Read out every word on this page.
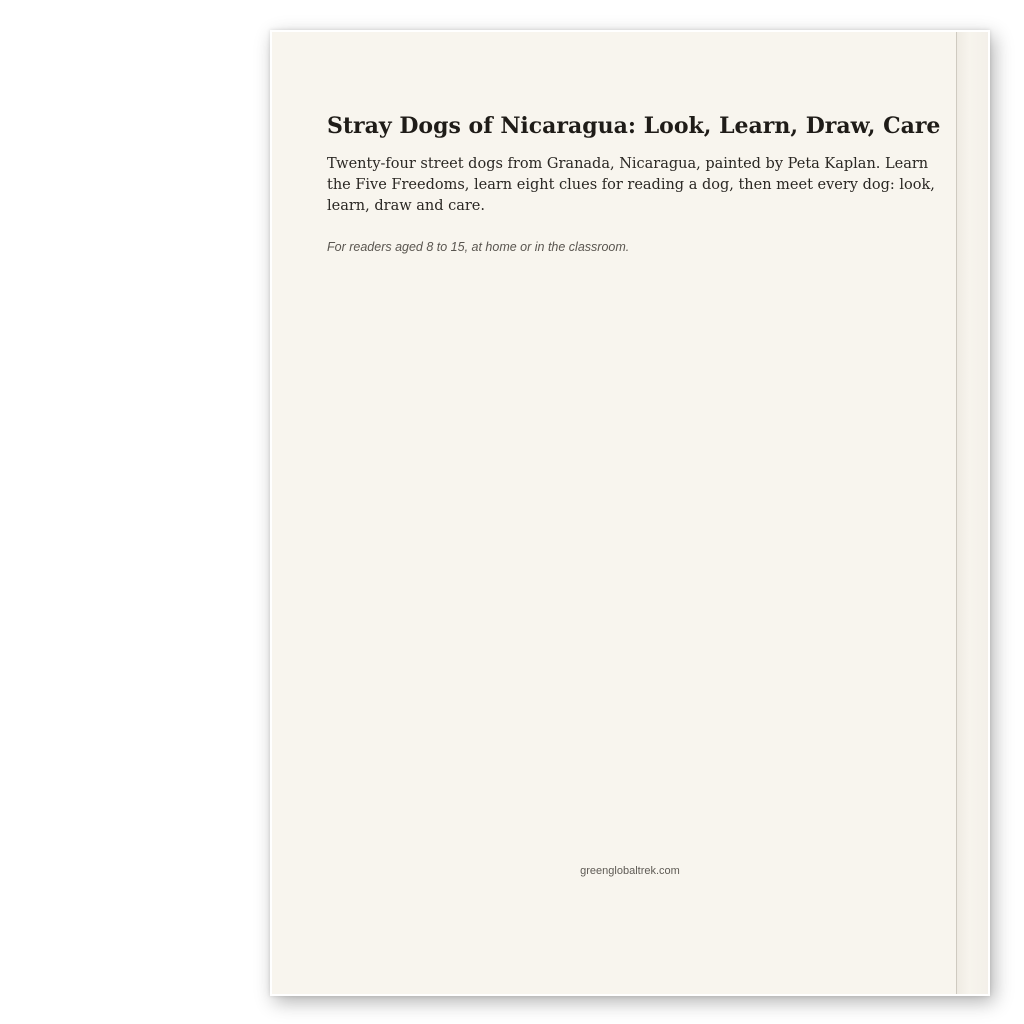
Stray Dogs of Nicaragua: Look, Learn, Draw, Care

Twenty-four street dogs from Granada, Nicaragua, painted by Peta Kaplan. Learn the Five Freedoms, learn eight clues for reading a dog, then meet every dog: look, learn, draw and care.

For readers aged 8 to 15, at home or in the classroom.

greenglobaltrek.com
